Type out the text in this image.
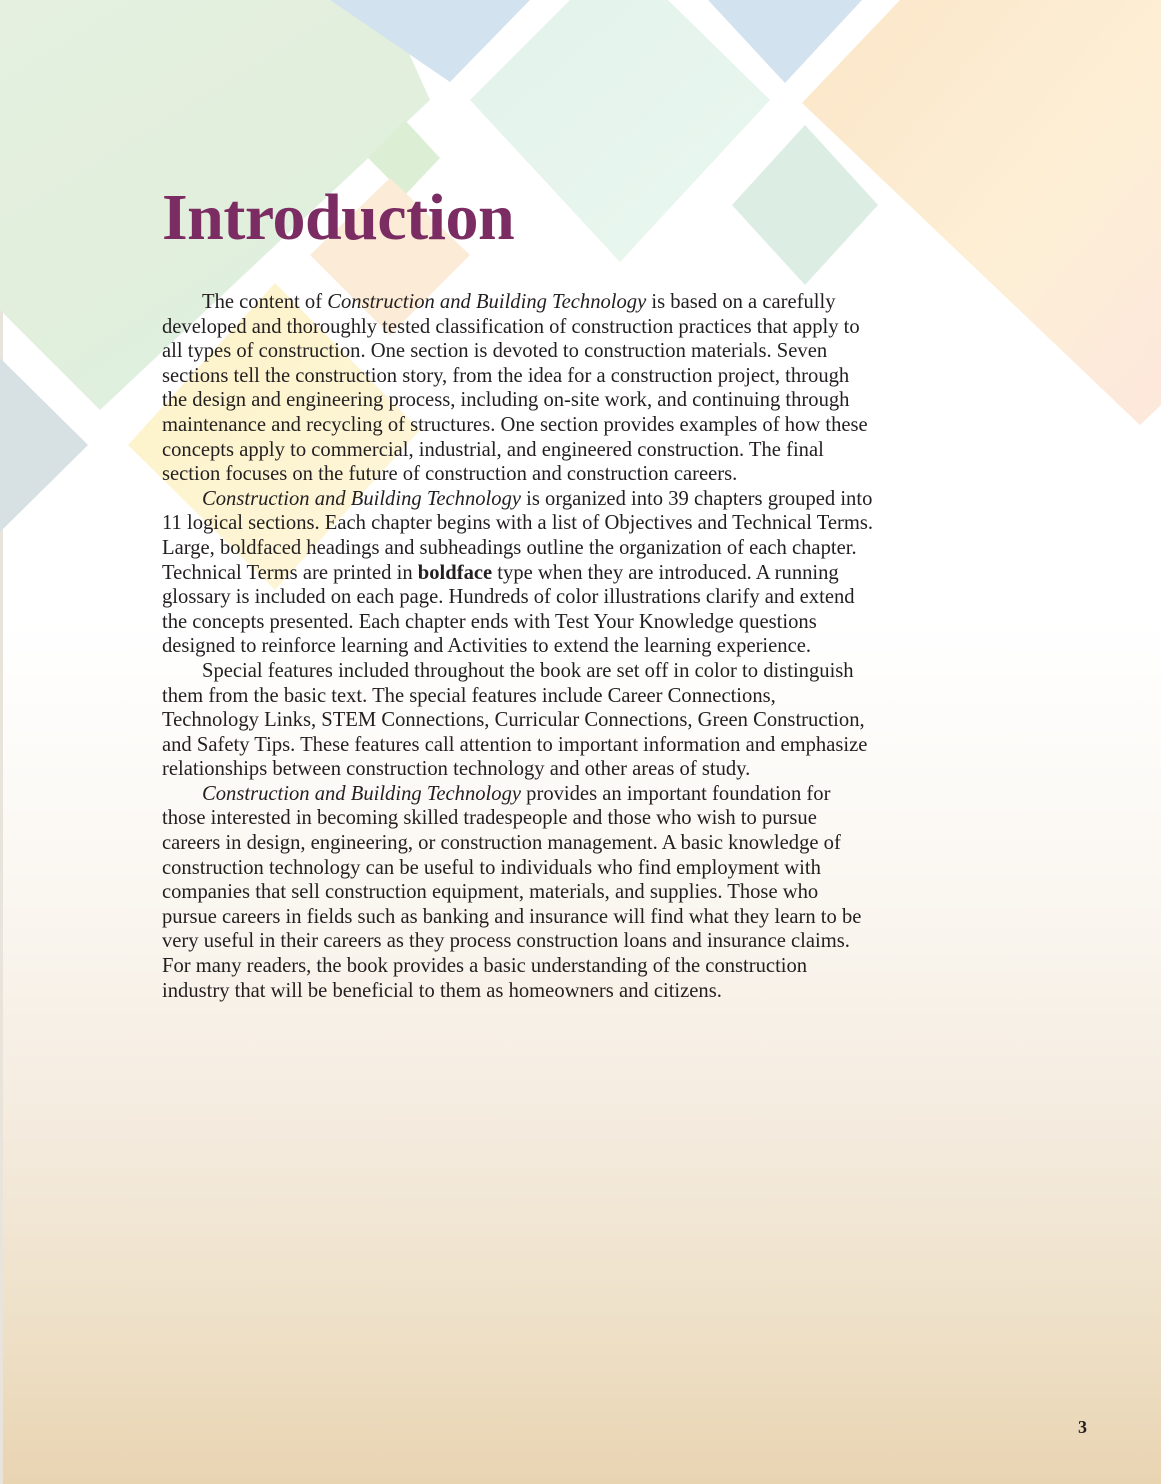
Introduction

The content of Construction and Building Technology is based on a carefully developed and thoroughly tested classification of construction practices that apply to all types of construction. One section is devoted to construction materials. Seven sections tell the construction story, from the idea for a construction project, through the design and engineering process, including on-site work, and continuing through maintenance and recycling of structures. One section provides examples of how these concepts apply to commercial, industrial, and engineered construction. The final section focuses on the future of construction and construction careers.

Construction and Building Technology is organized into 39 chapters grouped into 11 logical sections. Each chapter begins with a list of Objectives and Technical Terms. Large, boldfaced headings and subheadings outline the organization of each chapter. Technical Terms are printed in boldface type when they are introduced. A running glossary is included on each page. Hundreds of color illustrations clarify and extend the concepts presented. Each chapter ends with Test Your Knowledge questions designed to reinforce learning and Activities to extend the learning experience.

Special features included throughout the book are set off in color to distinguish them from the basic text. The special features include Career Connections, Technology Links, STEM Connections, Curricular Connections, Green Construction, and Safety Tips. These features call attention to important information and emphasize relationships between construction technology and other areas of study.

Construction and Building Technology provides an important foundation for those interested in becoming skilled tradespeople and those who wish to pursue careers in design, engineering, or construction management. A basic knowledge of construction technology can be useful to individuals who find employment with companies that sell construction equipment, materials, and supplies. Those who pursue careers in fields such as banking and insurance will find what they learn to be very useful in their careers as they process construction loans and insurance claims. For many readers, the book provides a basic understanding of the construction industry that will be beneficial to them as homeowners and citizens.

3
